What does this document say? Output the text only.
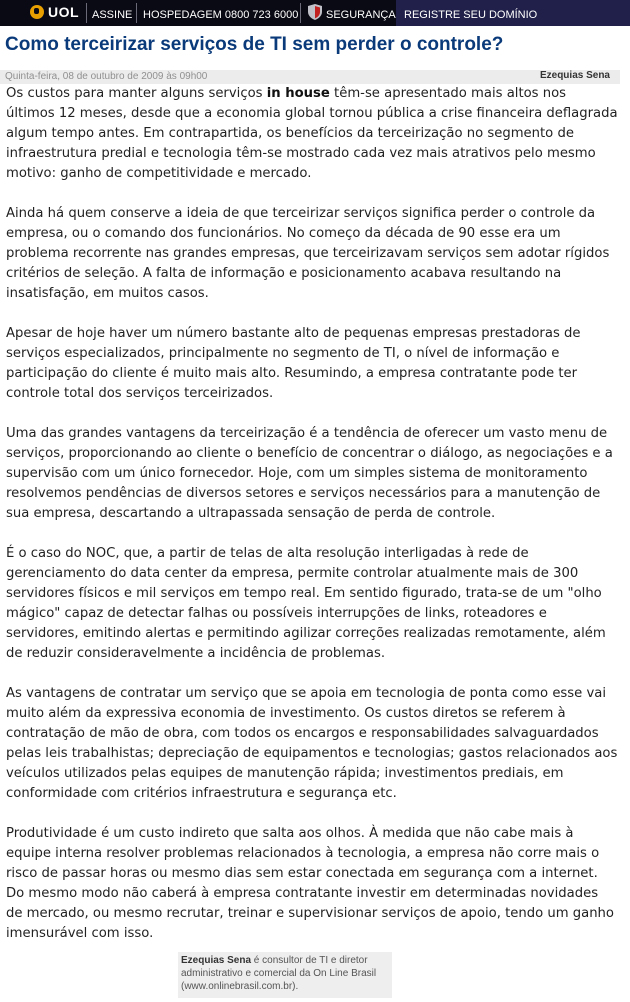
UOL ASSINE HOSPEDAGEM 0800 723 6000	SEGURANÇA REGISTRE SEU DOMÍNIO
Como terceirizar serviços de TI sem perder o controle?
Quinta-feira, 08 de outubro de 2009 às 09h00	Ezequias Sena

Os custos para manter alguns serviços in house têm-se apresentado mais altos nos últimos 12 meses, desde que a economia global tornou pública a crise financeira deflagrada algum tempo antes. Em contrapartida, os benefícios da terceirização no segmento de infraestrutura predial e tecnologia têm-se mostrado cada vez mais atrativos pelo mesmo motivo: ganho de competitividade e mercado.

Ainda há quem conserve a ideia de que terceirizar serviços significa perder o controle da empresa, ou o comando dos funcionários. No começo da década de 90 esse era um problema recorrente nas grandes empresas, que terceirizavam serviços sem adotar rígidos critérios de seleção. A falta de informação e posicionamento acabava resultando na insatisfação, em muitos casos.

Apesar de hoje haver um número bastante alto de pequenas empresas prestadoras de serviços especializados, principalmente no segmento de TI, o nível de informação e participação do cliente é muito mais alto. Resumindo, a empresa contratante pode ter controle total dos serviços terceirizados.

Uma das grandes vantagens da terceirização é a tendência de oferecer um vasto menu de serviços, proporcionando ao cliente o benefício de concentrar o diálogo, as negociações e a supervisão com um único fornecedor. Hoje, com um simples sistema de monitoramento resolvemos pendências de diversos setores e serviços necessários para a manutenção de sua empresa, descartando a ultrapassada sensação de perda de controle.

É o caso do NOC, que, a partir de telas de alta resolução interligadas à rede de gerenciamento do data center da empresa, permite controlar atualmente mais de 300 servidores físicos e mil serviços em tempo real. Em sentido figurado, trata-se de um "olho mágico" capaz de detectar falhas ou possíveis interrupções de links, roteadores e servidores, emitindo alertas e permitindo agilizar correções realizadas remotamente, além de reduzir consideravelmente a incidência de problemas.

As vantagens de contratar um serviço que se apoia em tecnologia de ponta como esse vai muito além da expressiva economia de investimento. Os custos diretos se referem à contratação de mão de obra, com todos os encargos e responsabilidades salvaguardados pelas leis trabalhistas; depreciação de equipamentos e tecnologias; gastos relacionados aos veículos utilizados pelas equipes de manutenção rápida; investimentos prediais, em conformidade com critérios infraestrutura e segurança etc.

Produtividade é um custo indireto que salta aos olhos. À medida que não cabe mais à equipe interna resolver problemas relacionados à tecnologia, a empresa não corre mais o risco de passar horas ou mesmo dias sem estar conectada em segurança com a internet. Do mesmo modo não caberá à empresa contratante investir em determinadas novidades de mercado, ou mesmo recrutar, treinar e supervisionar serviços de apoio, tendo um ganho imensurável com isso.

Ezequias Sena é consultor de TI e diretor administrativo e comercial da On Line Brasil (www.onlinebrasil.com.br).
